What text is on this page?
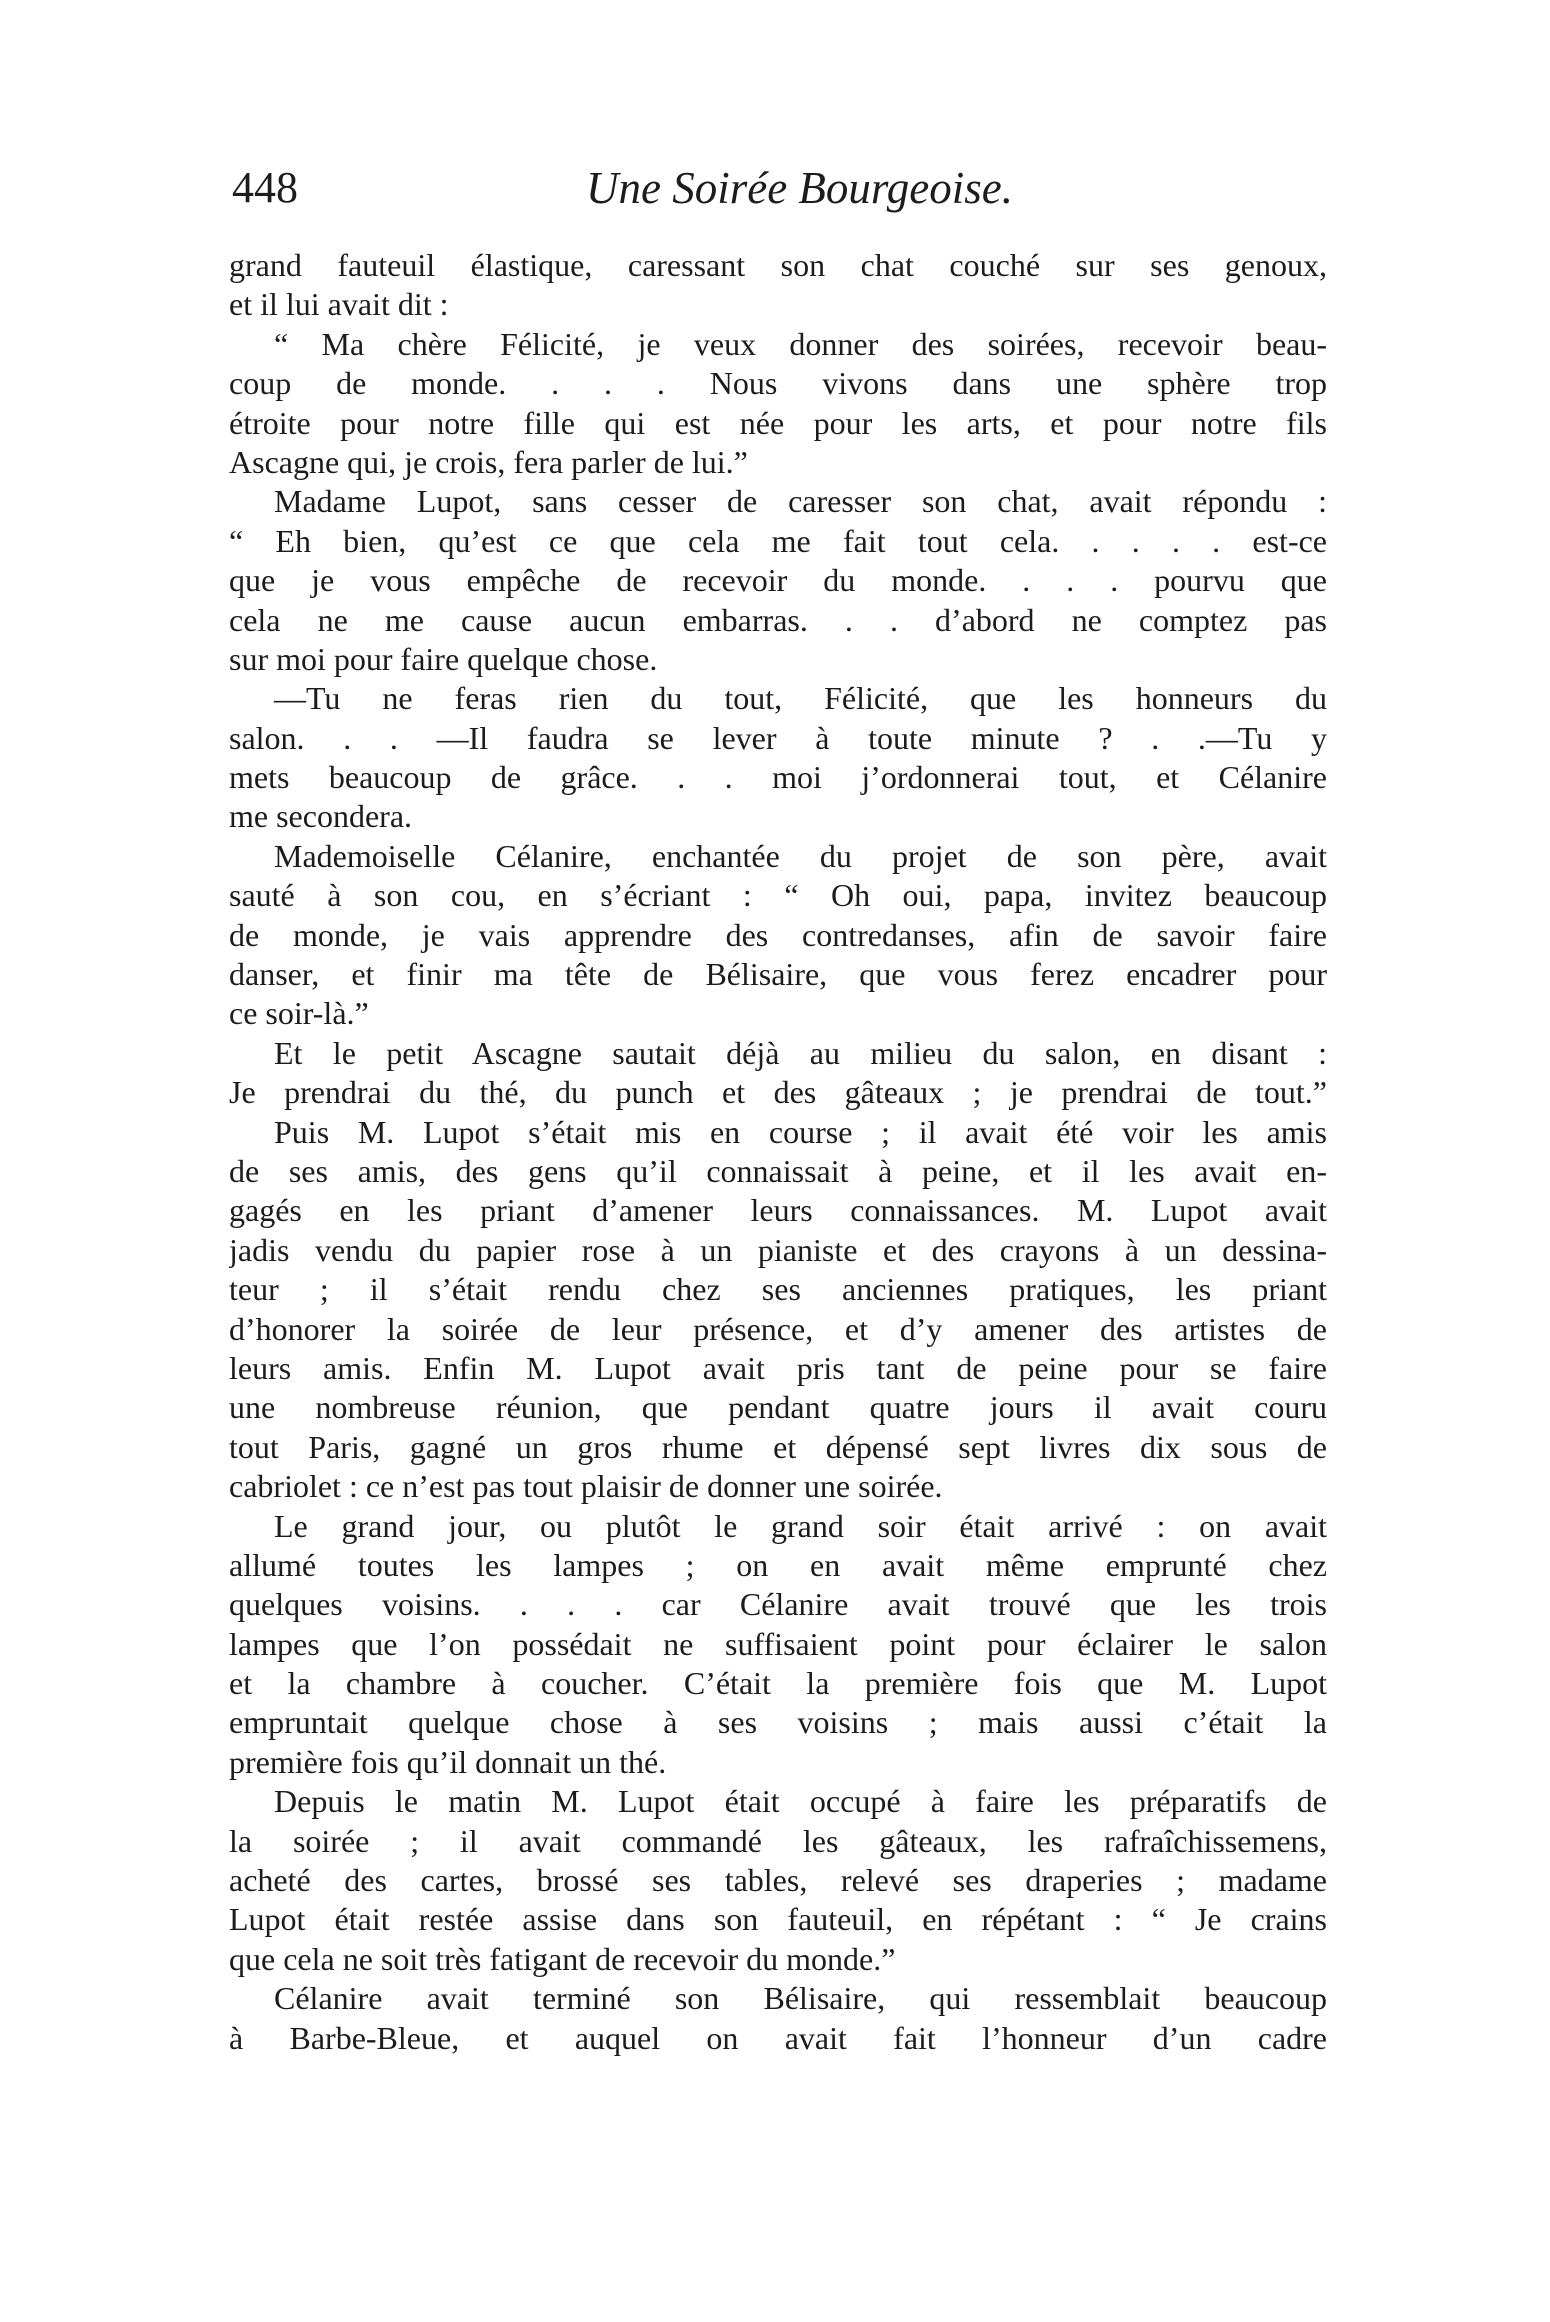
448	Une Soirée Bourgeoise.
grand fauteuil élastique, caressant son chat couché sur ses genoux,
et il lui avait dit :
“ Ma chère Félicité, je veux donner des soirées, recevoir beau-
coup de monde. . . . Nous vivons dans une sphère trop
étroite pour notre fille qui est née pour les arts, et pour notre fils
Ascagne qui, je crois, fera parler de lui.”
Madame Lupot, sans cesser de caresser son chat, avait répondu :
“ Eh bien, qu’est ce que cela me fait tout cela. . . . . est-ce
que je vous empêche de recevoir du monde. . . . pourvu que
cela ne me cause aucun embarras. . . d’abord ne comptez pas
sur moi pour faire quelque chose.
—Tu ne feras rien du tout, Félicité, que les honneurs du
salon. . . —Il faudra se lever à toute minute ? . .—Tu y
mets beaucoup de grâce. . . moi j’ordonnerai tout, et Célanire
me secondera.
Mademoiselle Célanire, enchantée du projet de son père, avait
sauté à son cou, en s’écriant : “ Oh oui, papa, invitez beaucoup
de monde, je vais apprendre des contredanses, afin de savoir faire
danser, et finir ma tête de Bélisaire, que vous ferez encadrer pour
ce soir-là.”
Et le petit Ascagne sautait déjà au milieu du salon, en disant :
Je prendrai du thé, du punch et des gâteaux ; je prendrai de tout.”
Puis M. Lupot s’était mis en course ; il avait été voir les amis
de ses amis, des gens qu’il connaissait à peine, et il les avait en-
gagés en les priant d’amener leurs connaissances. M. Lupot avait
jadis vendu du papier rose à un pianiste et des crayons à un dessina-
teur ; il s’était rendu chez ses anciennes pratiques, les priant
d’honorer la soirée de leur présence, et d’y amener des artistes de
leurs amis. Enfin M. Lupot avait pris tant de peine pour se faire
une nombreuse réunion, que pendant quatre jours il avait couru
tout Paris, gagné un gros rhume et dépensé sept livres dix sous de
cabriolet : ce n’est pas tout plaisir de donner une soirée.
Le grand jour, ou plutôt le grand soir était arrivé : on avait
allumé toutes les lampes ; on en avait même emprunté chez
quelques voisins. . . . car Célanire avait trouvé que les trois
lampes que l’on possédait ne suffisaient point pour éclairer le salon
et la chambre à coucher. C’était la première fois que M. Lupot
empruntait quelque chose à ses voisins ; mais aussi c’était la
première fois qu’il donnait un thé.
Depuis le matin M. Lupot était occupé à faire les préparatifs de
la soirée ; il avait commandé les gâteaux, les rafraîchissemens,
acheté des cartes, brossé ses tables, relevé ses draperies ; madame
Lupot était restée assise dans son fauteuil, en répétant : “ Je crains
que cela ne soit très fatigant de recevoir du monde.”
Célanire avait terminé son Bélisaire, qui ressemblait beaucoup
à Barbe-Bleue, et auquel on avait fait l’honneur d’un cadre
